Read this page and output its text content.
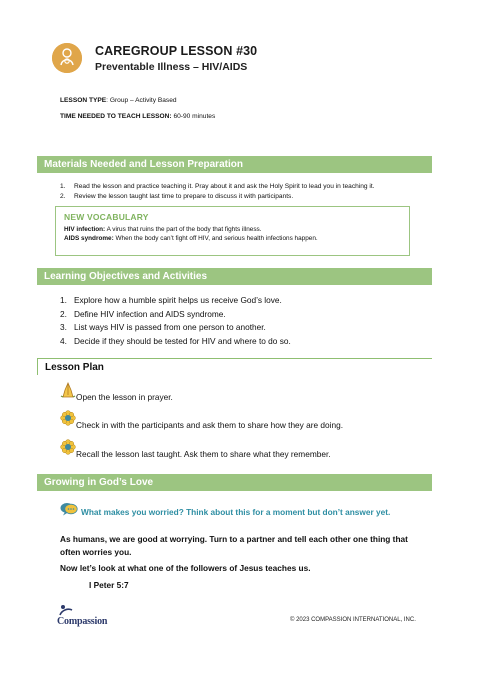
CAREGROUP LESSON #30
Preventable Illness – HIV/AIDS
LESSON TYPE: Group – Activity Based
TIME NEEDED TO TEACH LESSON: 60-90 minutes
Materials Needed and Lesson Preparation
1. Read the lesson and practice teaching it. Pray about it and ask the Holy Spirit to lead you in teaching it.
2. Review the lesson taught last time to prepare to discuss it with participants.
NEW VOCABULARY
HIV infection: A virus that ruins the part of the body that fights illness.
AIDS syndrome: When the body can’t fight off HIV, and serious health infections happen.
Learning Objectives and Activities
1. Explore how a humble spirit helps us receive God’s love.
2. Define HIV infection and AIDS syndrome.
3. List ways HIV is passed from one person to another.
4. Decide if they should be tested for HIV and where to do so.
Lesson Plan
Open the lesson in prayer.
Check in with the participants and ask them to share how they are doing.
Recall the lesson last taught. Ask them to share what they remember.
Growing in God’s Love
What makes you worried? Think about this for a moment but don’t answer yet.
As humans, we are good at worrying. Turn to a partner and tell each other one thing that
often worries you.
Now let’s look at what one of the followers of Jesus teaches us.
I Peter 5:7
Compassion	© 2023 COMPASSION INTERNATIONAL, INC.
